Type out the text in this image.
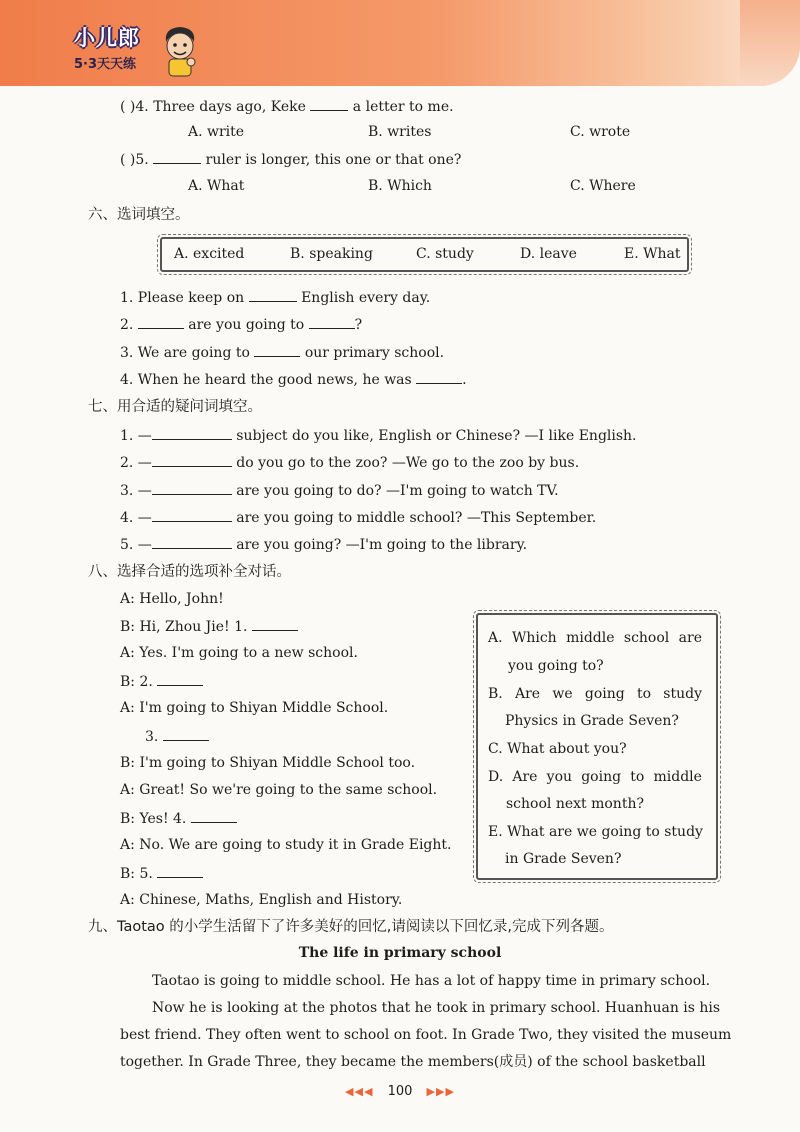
小儿郎
5·3天天练
( )4. Three days ago, Keke	a letter to me.
A. write	B. writes	C. wrote
( )5.	ruler is longer, this one or that one?
A. What	B. Which	C. Where
六、选词填空。
A. excited	B. speaking	C. study	D. leave	E. What
1. Please keep on	English every day.
2.	are you going to	?
3. We are going to	our primary school.
4. When he heard the good news, he was	.
七、用合适的疑问词填空。
1. —	subject do you like, English or Chinese? —I like English.
2. —	do you go to the zoo? —We go to the zoo by bus.
3. —	are you going to do? —I'm going to watch TV.
4. —	are you going to middle school? —This September.
5. —	are you going? —I'm going to the library.
八、选择合适的选项补全对话。
A: Hello, John!
B: Hi, Zhou Jie! 1.
A: Yes. I'm going to a new school.
B: 2.
A: I'm going to Shiyan Middle School.
3.
B: I'm going to Shiyan Middle School too.
A: Great! So we're going to the same school.
B: Yes! 4.
A: No. We are going to study it in Grade Eight.
B: 5.
A: Chinese, Maths, English and History.
A. Which middle school are
you going to?
B. Are we going to study
Physics in Grade Seven?
C. What about you?
D. Are you going to middle
school next month?
E. What are we going to study
in Grade Seven?
九、Taotao 的小学生活留下了许多美好的回忆,请阅读以下回忆录,完成下列各题。
The life in primary school
Taotao is going to middle school. He has a lot of happy time in primary school.
Now he is looking at the photos that he took in primary school. Huanhuan is his
best friend. They often went to school on foot. In Grade Two, they visited the museum
together. In Grade Three, they became the members(成员) of the school basketball
◀◀◀ 100 ▶▶▶
